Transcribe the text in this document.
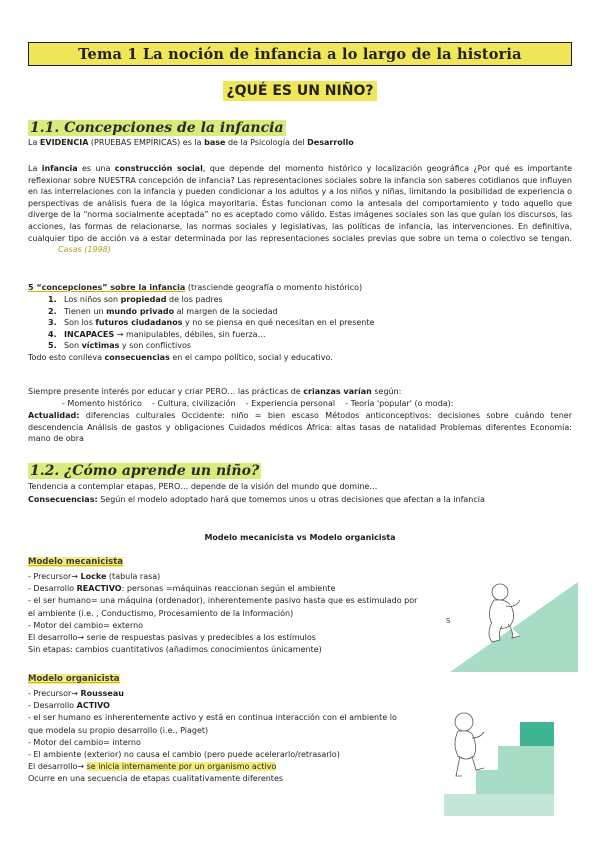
Tema 1 La noción de infancia a lo largo de la historia
¿QUÉ ES UN NIÑO?
1.1. Concepciones de la infancia
La EVIDENCIA (PRUEBAS EMPÍRICAS) es la base de la Psicología del Desarrollo
La infancia es una construcción social, que depende del momento histórico y localización geográfica ¿Por qué es importante reflexionar sobre NUESTRA concepción de infancia? Las representaciones sociales sobre la infancia son saberes cotidianos que influyen en las interrelaciones con la infancia y pueden condicionar a los adultos y a los niños y niñas, limitando la posibilidad de experiencia o perspectivas de análisis fuera de la lógica mayoritaria. Éstas funcionan como la antesala del comportamiento y todo aquello que diverge de la “norma socialmente aceptada” no es aceptado como válido. Estas imágenes sociales son las que guían los discursos, las acciones, las formas de relacionarse, las normas sociales y legislativas, las políticas de infancia, las intervenciones. En definitiva, cualquier tipo de acción va a estar determinada por las representaciones sociales previas que sobre un tema o colectivo se tengan. Casas (1998)
5 “concepciones” sobre la infancia (trasciende geografía o momento histórico)
1. Los niños son propiedad de los padres
2. Tienen un mundo privado al margen de la sociedad
3. Son los futuros ciudadanos y no se piensa en qué necesitan en el presente
4. INCAPACES → manipulables, débiles, sin fuerza…
5. Son víctimas y son conflictivos
Todo esto conlleva consecuencias en el campo político, social y educativo.
Siempre presente interés por educar y criar PERO… las prácticas de crianzas varían según:
- Momento histórico    - Cultura, civilización    - Experiencia personal    - Teoría 'popular' (o moda):
Actualidad: diferencias culturales Occidente: niño = bien escaso Métodos anticonceptivos: decisiones sobre cuándo tener descendencia Análisis de gastos y obligaciones Cuidados médicos África: altas tasas de natalidad Problemas diferentes Economía: mano de obra
1.2. ¿Cómo aprende un niño?
Tendencia a contemplar etapas, PERO… depende de la visión del mundo que domine…
Consecuencias: Según el modelo adoptado hará que tomemos unos u otras decisiones que afectan a la infancia
Modelo mecanicista vs Modelo organicista
Modelo mecanicista
- Precursor→ Locke (tabula rasa)
- Desarrollo REACTIVO: personas =máquinas reaccionan según el ambiente
- el ser humano= una máquina (ordenador), inherentemente pasivo hasta que es estimulado por
el ambiente (i.e. , Conductismo, Procesamiento de la Información)
- Motor del cambio= externo
El desarrollo→ serie de respuestas pasivas y predecibles a los estímulos
Sin etapas: cambios cuantitativos (añadimos conocimientos únicamente)
S
Modelo organicista
- Precursor→ Rousseau
- Desarrollo ACTIVO
- el ser humano es inherentemente activo y está en continua interacción con el ambiente lo
que modela su propio desarrollo (i.e., Piaget)
- Motor del cambio= interno
- El ambiente (exterior) no causa el cambio (pero puede acelerarlo/retrasarlo)
El desarrollo→ se inicia internamente por un organismo activo
Ocurre en una secuencia de etapas cualitativamente diferentes
